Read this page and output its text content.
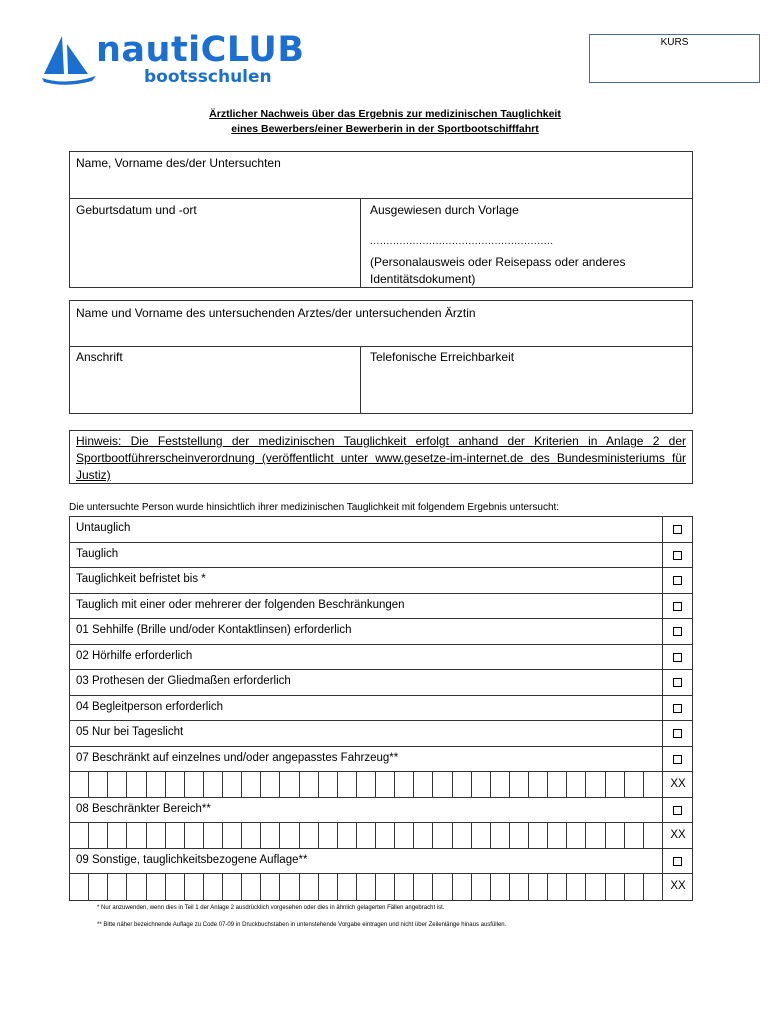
nautiCLUB
bootsschulen
KURS
Ärztlicher Nachweis über das Ergebnis zur medizinischen Tauglichkeit
eines Bewerbers/einer Bewerberin in der Sportbootschifffahrt
Name, Vorname des/der Untersuchten
Geburtsdatum und -ort	Ausgewiesen durch Vorlage
........................................................
(Personalausweis oder Reisepass oder anderes Identitätsdokument)
Name und Vorname des untersuchenden Arztes/der untersuchenden Ärztin
Anschrift	Telefonische Erreichbarkeit
Hinweis: Die Feststellung der medizinischen Tauglichkeit erfolgt anhand der Kriterien in Anlage 2 der Sportbootführerscheinverordnung (veröffentlicht unter www.gesetze-im-internet.de des Bundesministeriums für Justiz)
Die untersuchte Person wurde hinsichtlich ihrer medizinischen Tauglichkeit mit folgendem Ergebnis untersucht:
Untauglich
Tauglich
Tauglichkeit befristet bis *
Tauglich mit einer oder mehrerer der folgenden Beschränkungen
01 Sehhilfe (Brille und/oder Kontaktlinsen) erforderlich
02 Hörhilfe erforderlich
03 Prothesen der Gliedmaßen erforderlich
04 Begleitperson erforderlich
05 Nur bei Tageslicht
07 Beschränkt auf einzelnes und/oder angepasstes Fahrzeug**
XX
08 Beschränkter Bereich**
XX
09 Sonstige, tauglichkeitsbezogene Auflage**
XX
* Nur anzuwenden, wenn dies in Teil 1 der Anlage 2 ausdrücklich vorgesehen oder dies in ähnlich gelagerten Fällen angebracht ist.
** Bitte näher bezeichnende Auflage zu Code 07-09 in Druckbuchstaben in untenstehende Vorgabe eintragen und nicht über Zeilenlänge hinaus ausfüllen.
